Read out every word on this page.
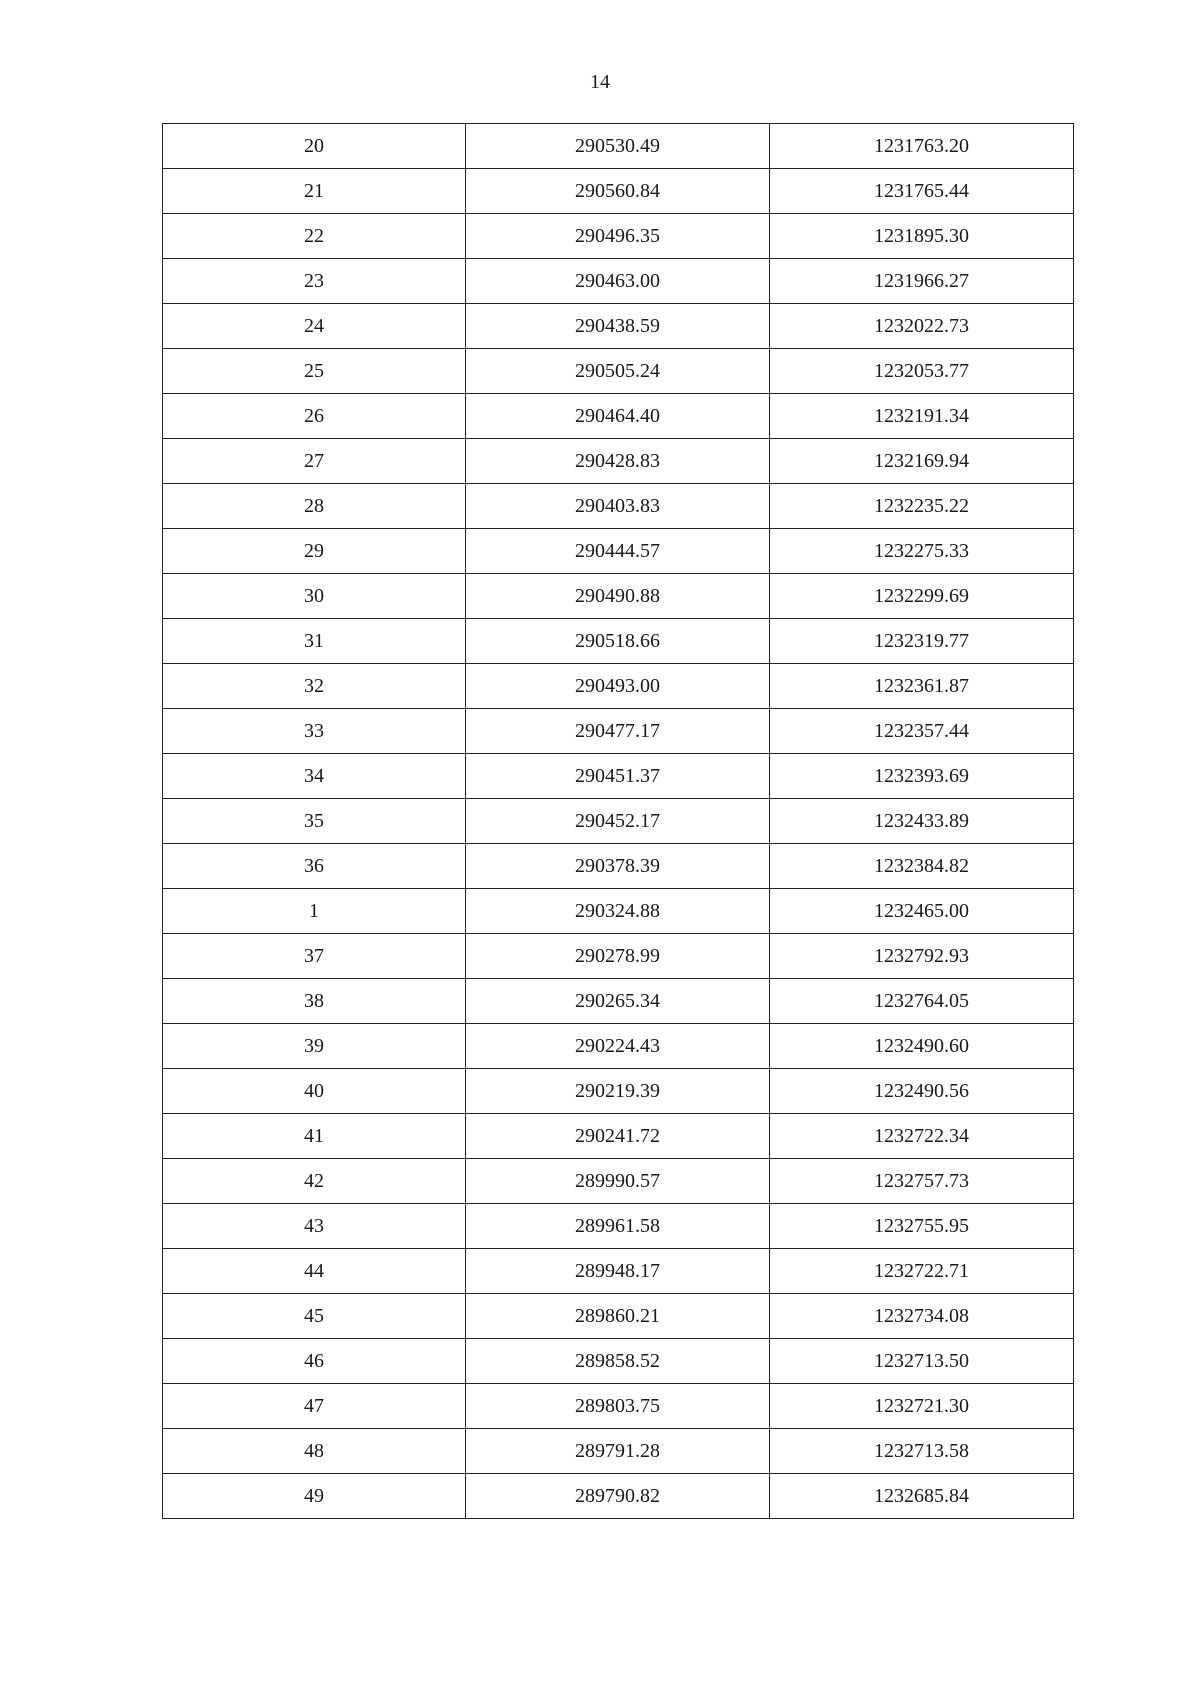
14
20	290530.49	1231763.20
21	290560.84	1231765.44
22	290496.35	1231895.30
23	290463.00	1231966.27
24	290438.59	1232022.73
25	290505.24	1232053.77
26	290464.40	1232191.34
27	290428.83	1232169.94
28	290403.83	1232235.22
29	290444.57	1232275.33
30	290490.88	1232299.69
31	290518.66	1232319.77
32	290493.00	1232361.87
33	290477.17	1232357.44
34	290451.37	1232393.69
35	290452.17	1232433.89
36	290378.39	1232384.82
1	290324.88	1232465.00
37	290278.99	1232792.93
38	290265.34	1232764.05
39	290224.43	1232490.60
40	290219.39	1232490.56
41	290241.72	1232722.34
42	289990.57	1232757.73
43	289961.58	1232755.95
44	289948.17	1232722.71
45	289860.21	1232734.08
46	289858.52	1232713.50
47	289803.75	1232721.30
48	289791.28	1232713.58
49	289790.82	1232685.84
